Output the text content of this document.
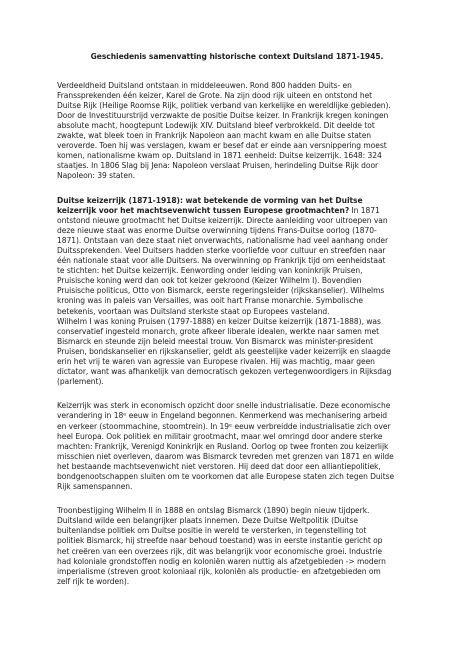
Geschiedenis samenvatting historische context Duitsland 1871-1945.
Verdeeldheid Duitsland ontstaan in middeleeuwen. Rond 800 hadden Duits- en
Franssprekenden één keizer, Karel de Grote. Na zijn dood rijk uiteen en ontstond het
Duitse Rijk (Heilige Roomse Rijk, politiek verband van kerkelijke en wereldlijke gebieden).
Door de Investituurstrijd verzwakte de positie Duitse keizer. In Frankrijk kregen koningen
absolute macht, hoogtepunt Lodewijk XIV. Duitsland bleef verbrokkeld. Dit deelde tot
zwakte, wat bleek toen in Frankrijk Napoleon aan macht kwam en alle Duitse staten
veroverde. Toen hij was verslagen, kwam er besef dat er einde aan versnippering moest
komen, nationalisme kwam op. Duitsland in 1871 eenheid: Duitse keizerrijk. 1648: 324
staatjes. In 1806 Slag bij Jena: Napoleon verslaat Pruisen, herindeling Duitse Rijk door
Napoleon: 39 staten.
Duitse keizerrijk (1871-1918): wat betekende de vorming van het Duitse
keizerrijk voor het machtsevenwicht tussen Europese grootmachten? In 1871
ontstond nieuwe grootmacht het Duitse keizerrijk. Directe aanleiding voor uitroepen van
deze nieuwe staat was enorme Duitse overwinning tijdens Frans-Duitse oorlog (1870-
1871). Ontstaan van deze staat niet onverwachts, nationalisme had veel aanhang onder
Duitssprekenden. Veel Duitsers hadden sterke voorliefde voor cultuur en streefden naar
één nationale staat voor alle Duitsers. Na overwinning op Frankrijk tijd om eenheidstaat
te stichten: het Duitse keizerrijk. Eenwording onder leiding van koninkrijk Pruisen,
Pruisische koning werd dan ook tot keizer gekroond (Keizer Wilhelm I). Bovendien
Pruisische politicus, Otto von Bismarck, eerste regeringsleider (rijkskanselier). Wilhelms
kroning was in paleis van Versailles, was ooit hart Franse monarchie. Symbolische
betekenis, voortaan was Duitsland sterkste staat op Europees vasteland.
Wilhelm I was koning Pruisen (1797-1888) en keizer Duitse keizerrijk (1871-1888), was
conservatief ingesteld monarch, grote afkeer liberale idealen, werkte naar samen met
Bismarck en steunde zijn beleid meestal trouw. Von Bismarck was minister-president
Pruisen, bondskanselier en rijkskanselier, geldt als geestelijke vader keizerrijk en slaagde
erin het vrij te waren van agressie van Europese rivalen. Hij was machtig, maar geen
dictator, want was afhankelijk van democratisch gekozen vertegenwoordigers in Rijksdag
(parlement).
Keizerrijk was sterk in economisch opzicht door snelle industrialisatie. Deze economische
verandering in 18ᵉ eeuw in Engeland begonnen. Kenmerkend was mechanisering arbeid
en verkeer (stoommachine, stoomtrein). In 19ᵉ eeuw verbreidde industrialisatie zich over
heel Europa. Ook politiek en militair grootmacht, maar wel omringd door andere sterke
machten: Frankrijk, Verenigd Koninkrijk en Rusland. Oorlog op twee fronten zou keizerlijk
misschien niet overleven, daarom was Bismarck tevreden met grenzen van 1871 en wilde
het bestaande machtsevenwicht niet verstoren. Hij deed dat door een alliantiepolitiek,
bondgenootschappen sluiten om te voorkomen dat alle Europese staten zich tegen Duitse
Rijk samenspannen.
Troonbestijging Wilhelm II in 1888 en ontslag Bismarck (1890) begin nieuw tijdperk.
Duitsland wilde een belangrijker plaats innemen. Deze Duitse Weltpolitik (Duitse
buitenlandse politiek om Duitse positie in wereld te versterken, in tegenstelling tot
politiek Bismarck, hij streefde naar behoud toestand) was in eerste instantie gericht op
het creëren van een overzees rijk, dit was belangrijk voor economische groei. Industrie
had koloniale grondstoffen nodig en koloniën waren nuttig als afzetgebieden -> modern
imperialisme (streven groot koloniaal rijk, koloniën als productie- en afzetgebieden om
zelf rijk te worden).
